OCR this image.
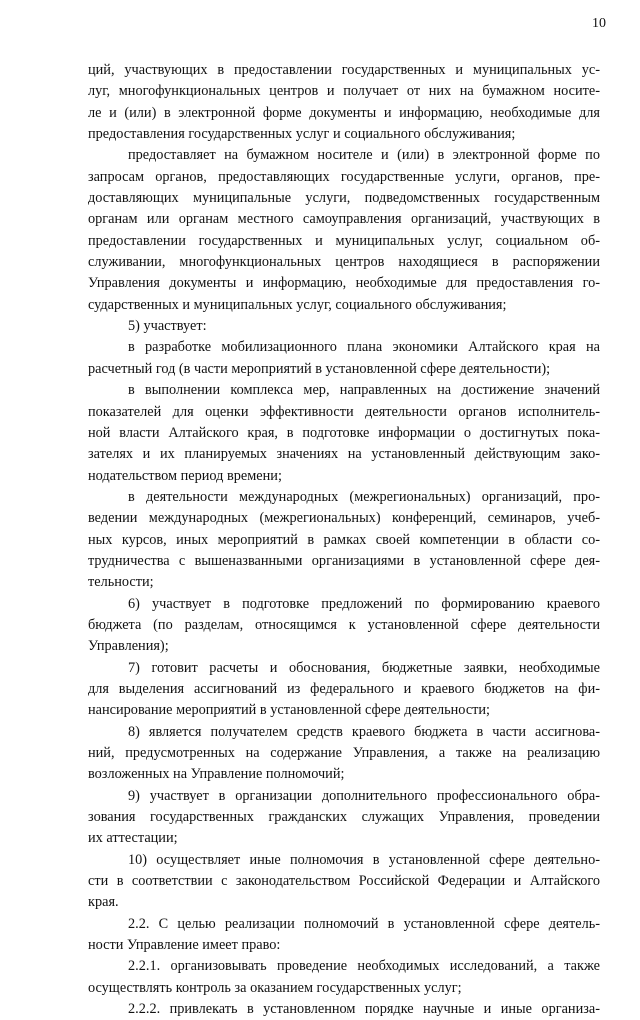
10
ций, участвующих в предоставлении государственных и муниципальных ус-
луг, многофункциональных центров и получает от них на бумажном носите-
ле и (или) в электронной форме документы и информацию, необходимые для
предоставления государственных услуг и социального обслуживания;
предоставляет на бумажном носителе и (или) в электронной форме по
запросам органов, предоставляющих государственные услуги, органов, пре-
доставляющих муниципальные услуги, подведомственных государственным
органам или органам местного самоуправления организаций, участвующих в
предоставлении государственных и муниципальных услуг, социальном об-
служивании, многофункциональных центров находящиеся в распоряжении
Управления документы и информацию, необходимые для предоставления го-
сударственных и муниципальных услуг, социального обслуживания;
5) участвует:
в разработке мобилизационного плана экономики Алтайского края на
расчетный год (в части мероприятий в установленной сфере деятельности);
в выполнении комплекса мер, направленных на достижение значений
показателей для оценки эффективности деятельности органов исполнитель-
ной власти Алтайского края, в подготовке информации о достигнутых пока-
зателях и их планируемых значениях на установленный действующим зако-
нодательством период времени;
в деятельности международных (межрегиональных) организаций, про-
ведении международных (межрегиональных) конференций, семинаров, учеб-
ных курсов, иных мероприятий в рамках своей компетенции в области со-
трудничества с вышеназванными организациями в установленной сфере дея-
тельности;
6) участвует в подготовке предложений по формированию краевого
бюджета (по разделам, относящимся к установленной сфере деятельности
Управления);
7) готовит расчеты и обоснования, бюджетные заявки, необходимые
для выделения ассигнований из федерального и краевого бюджетов на фи-
нансирование мероприятий в установленной сфере деятельности;
8) является получателем средств краевого бюджета в части ассигнова-
ний, предусмотренных на содержание Управления, а также на реализацию
возложенных на Управление полномочий;
9) участвует в организации дополнительного профессионального обра-
зования государственных гражданских служащих Управления, проведении
их аттестации;
10) осуществляет иные полномочия в установленной сфере деятельно-
сти в соответствии с законодательством Российской Федерации и Алтайского
края.
2.2. С целью реализации полномочий в установленной сфере деятель-
ности Управление имеет право:
2.2.1. организовывать проведение необходимых исследований, а также
осуществлять контроль за оказанием государственных услуг;
2.2.2. привлекать в установленном порядке научные и иные организа-
